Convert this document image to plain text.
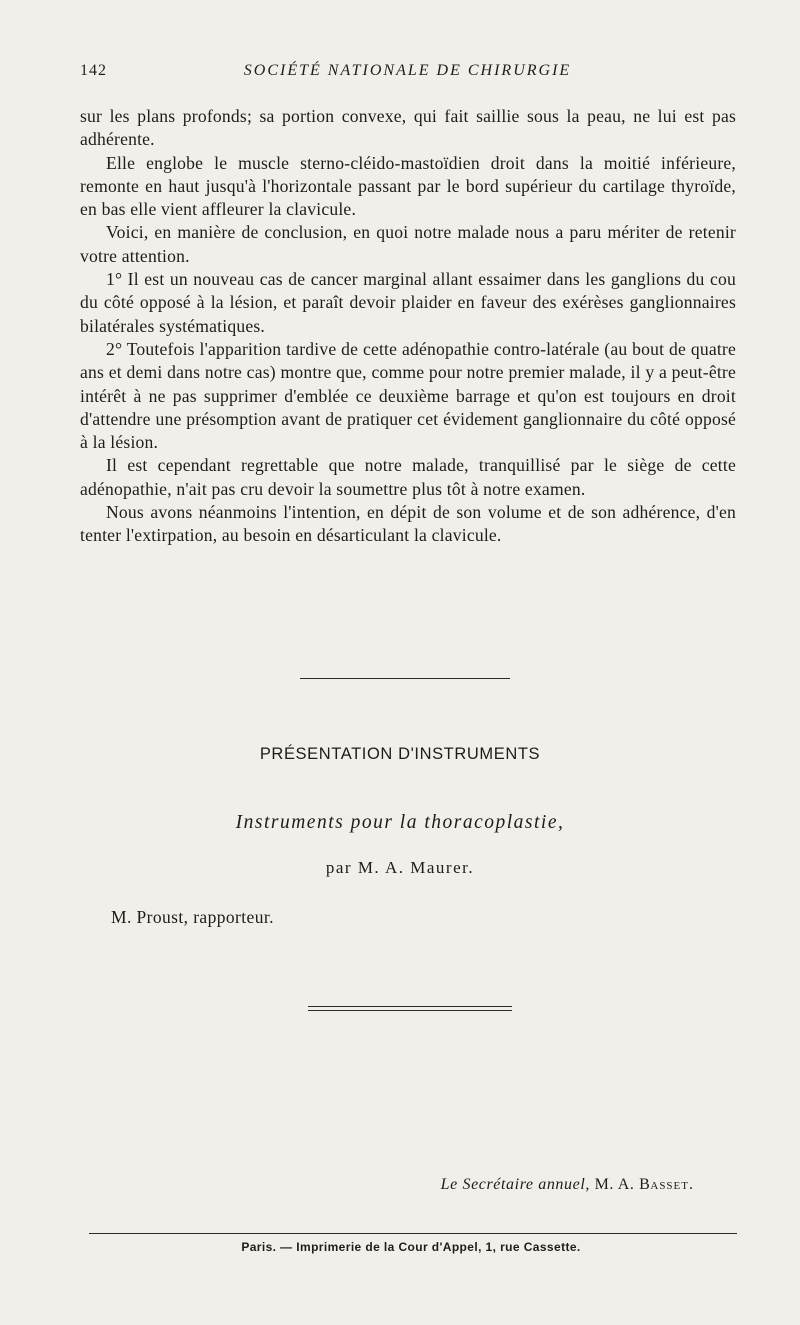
142	SOCIÉTÉ NATIONALE DE CHIRURGIE

sur les plans profonds; sa portion convexe, qui fait saillie sous la peau, ne lui est pas adhérente.

Elle englobe le muscle sterno-cléido-mastoïdien droit dans la moitié inférieure, remonte en haut jusqu'à l'horizontale passant par le bord supérieur du cartilage thyroïde, en bas elle vient affleurer la clavicule.

Voici, en manière de conclusion, en quoi notre malade nous a paru mériter de retenir votre attention.

1° Il est un nouveau cas de cancer marginal allant essaimer dans les ganglions du cou du côté opposé à la lésion, et paraît devoir plaider en faveur des exérèses ganglionnaires bilatérales systématiques.

2° Toutefois l'apparition tardive de cette adénopathie contro-latérale (au bout de quatre ans et demi dans notre cas) montre que, comme pour notre premier malade, il y a peut-être intérêt à ne pas supprimer d'emblée ce deuxième barrage et qu'on est toujours en droit d'attendre une présomption avant de pratiquer cet évidement ganglionnaire du côté opposé à la lésion.

Il est cependant regrettable que notre malade, tranquillisé par le siège de cette adénopathie, n'ait pas cru devoir la soumettre plus tôt à notre examen.

Nous avons néanmoins l'intention, en dépit de son volume et de son adhérence, d'en tenter l'extirpation, au besoin en désarticulant la clavicule.

PRÉSENTATION D'INSTRUMENTS
Instruments pour la thoracoplastie,
par M. A. Maurer.
M. Proust, rapporteur.
Le Secrétaire annuel, M. A. Basset.
Paris. — Imprimerie de la Cour d'Appel, 1, rue Cassette.
